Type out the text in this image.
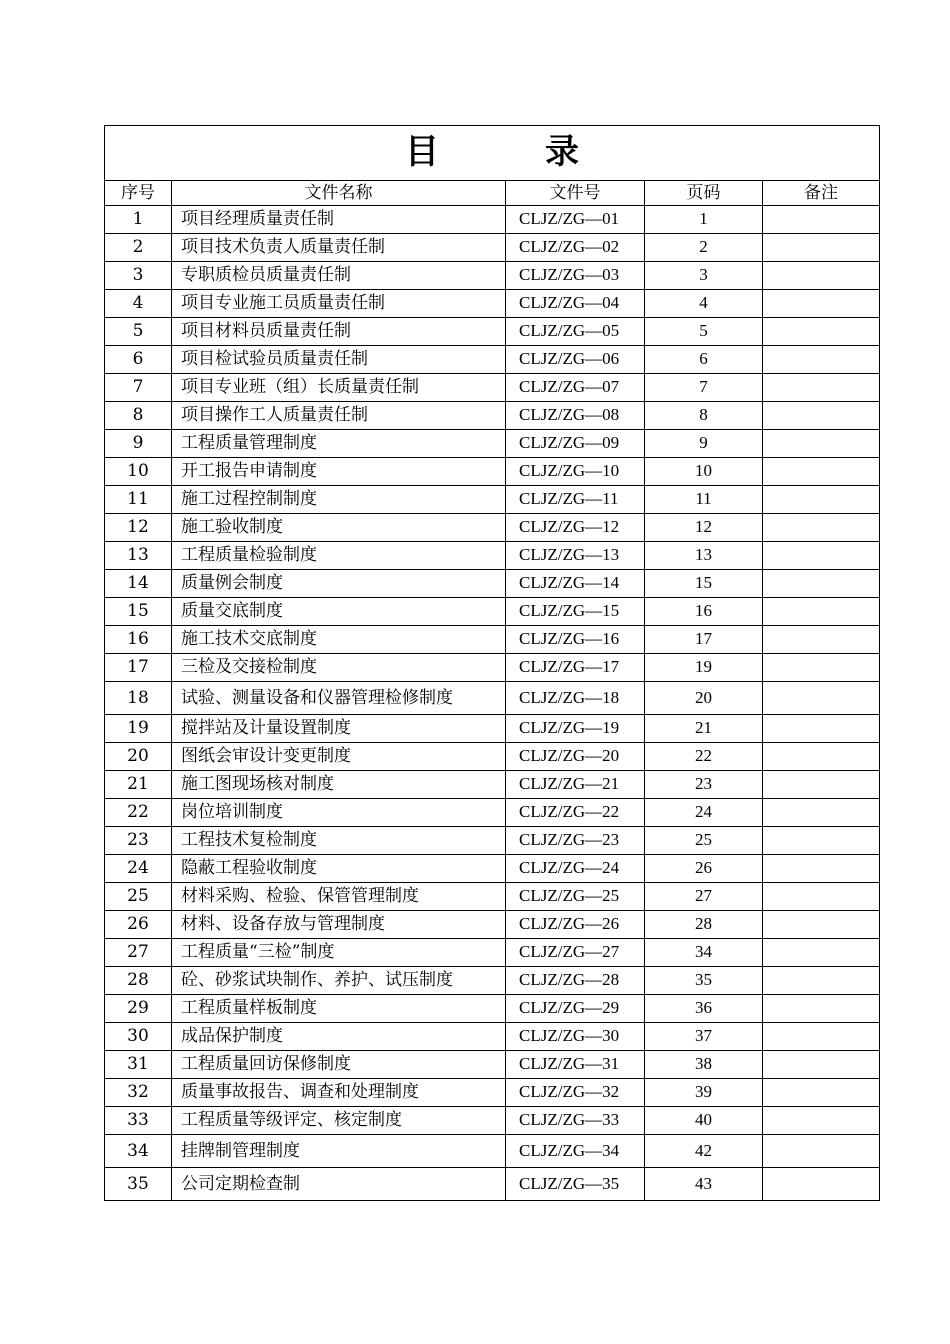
目　录				
序号	文件名称	文件号	页码	备注
1	项目经理质量责任制	CLJZ/ZG—01	1	
2	项目技术负责人质量责任制	CLJZ/ZG—02	2	
3	专职质检员质量责任制	CLJZ/ZG—03	3	
4	项目专业施工员质量责任制	CLJZ/ZG—04	4	
5	项目材料员质量责任制	CLJZ/ZG—05	5	
6	项目检试验员质量责任制	CLJZ/ZG—06	6	
7	项目专业班（组）长质量责任制	CLJZ/ZG—07	7	
8	项目操作工人质量责任制	CLJZ/ZG—08	8	
9	工程质量管理制度	CLJZ/ZG—09	9	
10	开工报告申请制度	CLJZ/ZG—10	10	
11	施工过程控制制度	CLJZ/ZG—11	11	
12	施工验收制度	CLJZ/ZG—12	12	
13	工程质量检验制度	CLJZ/ZG—13	13	
14	质量例会制度	CLJZ/ZG—14	15	
15	质量交底制度	CLJZ/ZG—15	16	
16	施工技术交底制度	CLJZ/ZG—16	17	
17	三检及交接检制度	CLJZ/ZG—17	19	
18	试验、测量设备和仪器管理检修制度	CLJZ/ZG—18	20	
19	搅拌站及计量设置制度	CLJZ/ZG—19	21	
20	图纸会审设计变更制度	CLJZ/ZG—20	22	
21	施工图现场核对制度	CLJZ/ZG—21	23	
22	岗位培训制度	CLJZ/ZG—22	24	
23	工程技术复检制度	CLJZ/ZG—23	25	
24	隐蔽工程验收制度	CLJZ/ZG—24	26	
25	材料采购、检验、保管管理制度	CLJZ/ZG—25	27	
26	材料、设备存放与管理制度	CLJZ/ZG—26	28	
27	工程质量“三检”制度	CLJZ/ZG—27	34	
28	砼、砂浆试块制作、养护、试压制度	CLJZ/ZG—28	35	
29	工程质量样板制度	CLJZ/ZG—29	36	
30	成品保护制度	CLJZ/ZG—30	37	
31	工程质量回访保修制度	CLJZ/ZG—31	38	
32	质量事故报告、调查和处理制度	CLJZ/ZG—32	39	
33	工程质量等级评定、核定制度	CLJZ/ZG—33	40	
34	挂牌制管理制度	CLJZ/ZG—34	42	
35	公司定期检查制	CLJZ/ZG—35	43	
